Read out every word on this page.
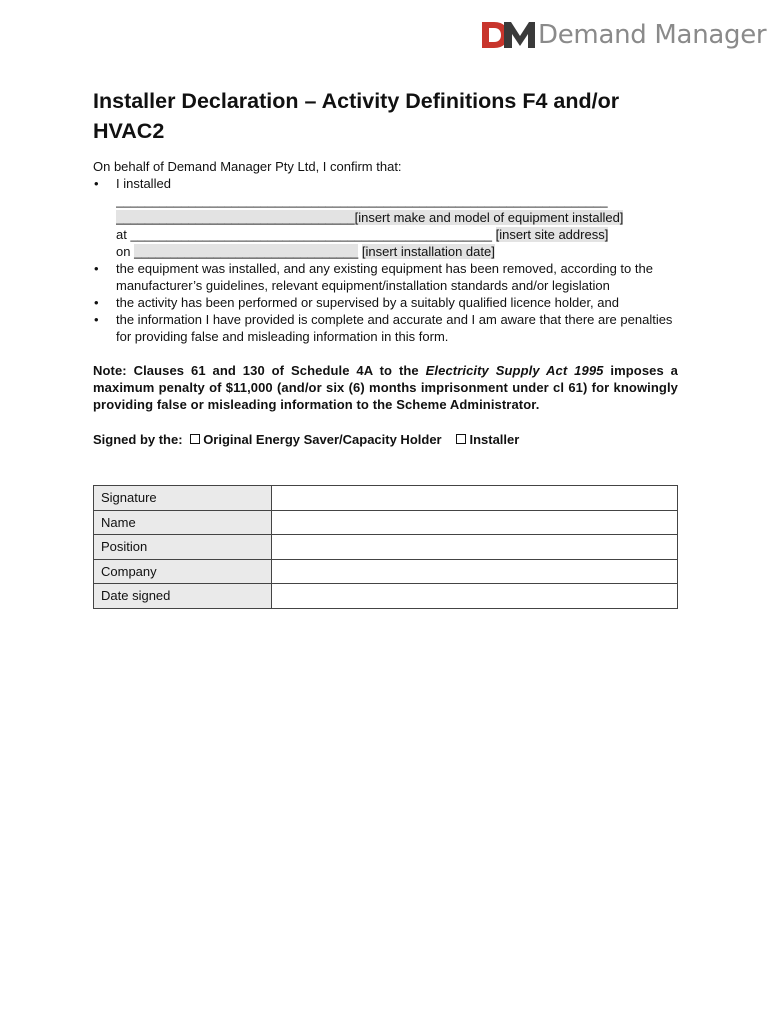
Demand Manager
Installer Declaration – Activity Definitions F4 and/or HVAC2

On behalf of Demand Manager Pty Ltd, I confirm that:

• I installed
____________________________________________________________________
_________________________________[insert make and model of equipment installed]
at __________________________________________________ [insert site address]
on _______________________________ [insert installation date]
• the equipment was installed, and any existing equipment has been removed, according to the manufacturer’s guidelines, relevant equipment/installation standards and/or legislation
• the activity has been performed or supervised by a suitably qualified licence holder, and
• the information I have provided is complete and accurate and I am aware that there are penalties for providing false and misleading information in this form.

Note: Clauses 61 and 130 of Schedule 4A to the Electricity Supply Act 1995 imposes a maximum penalty of $11,000 (and/or six (6) months imprisonment under cl 61) for knowingly providing false or misleading information to the Scheme Administrator.

Signed by the: Original Energy Saver/Capacity Holder Installer

Signature	
Name	
Position	
Company	
Date signed	
